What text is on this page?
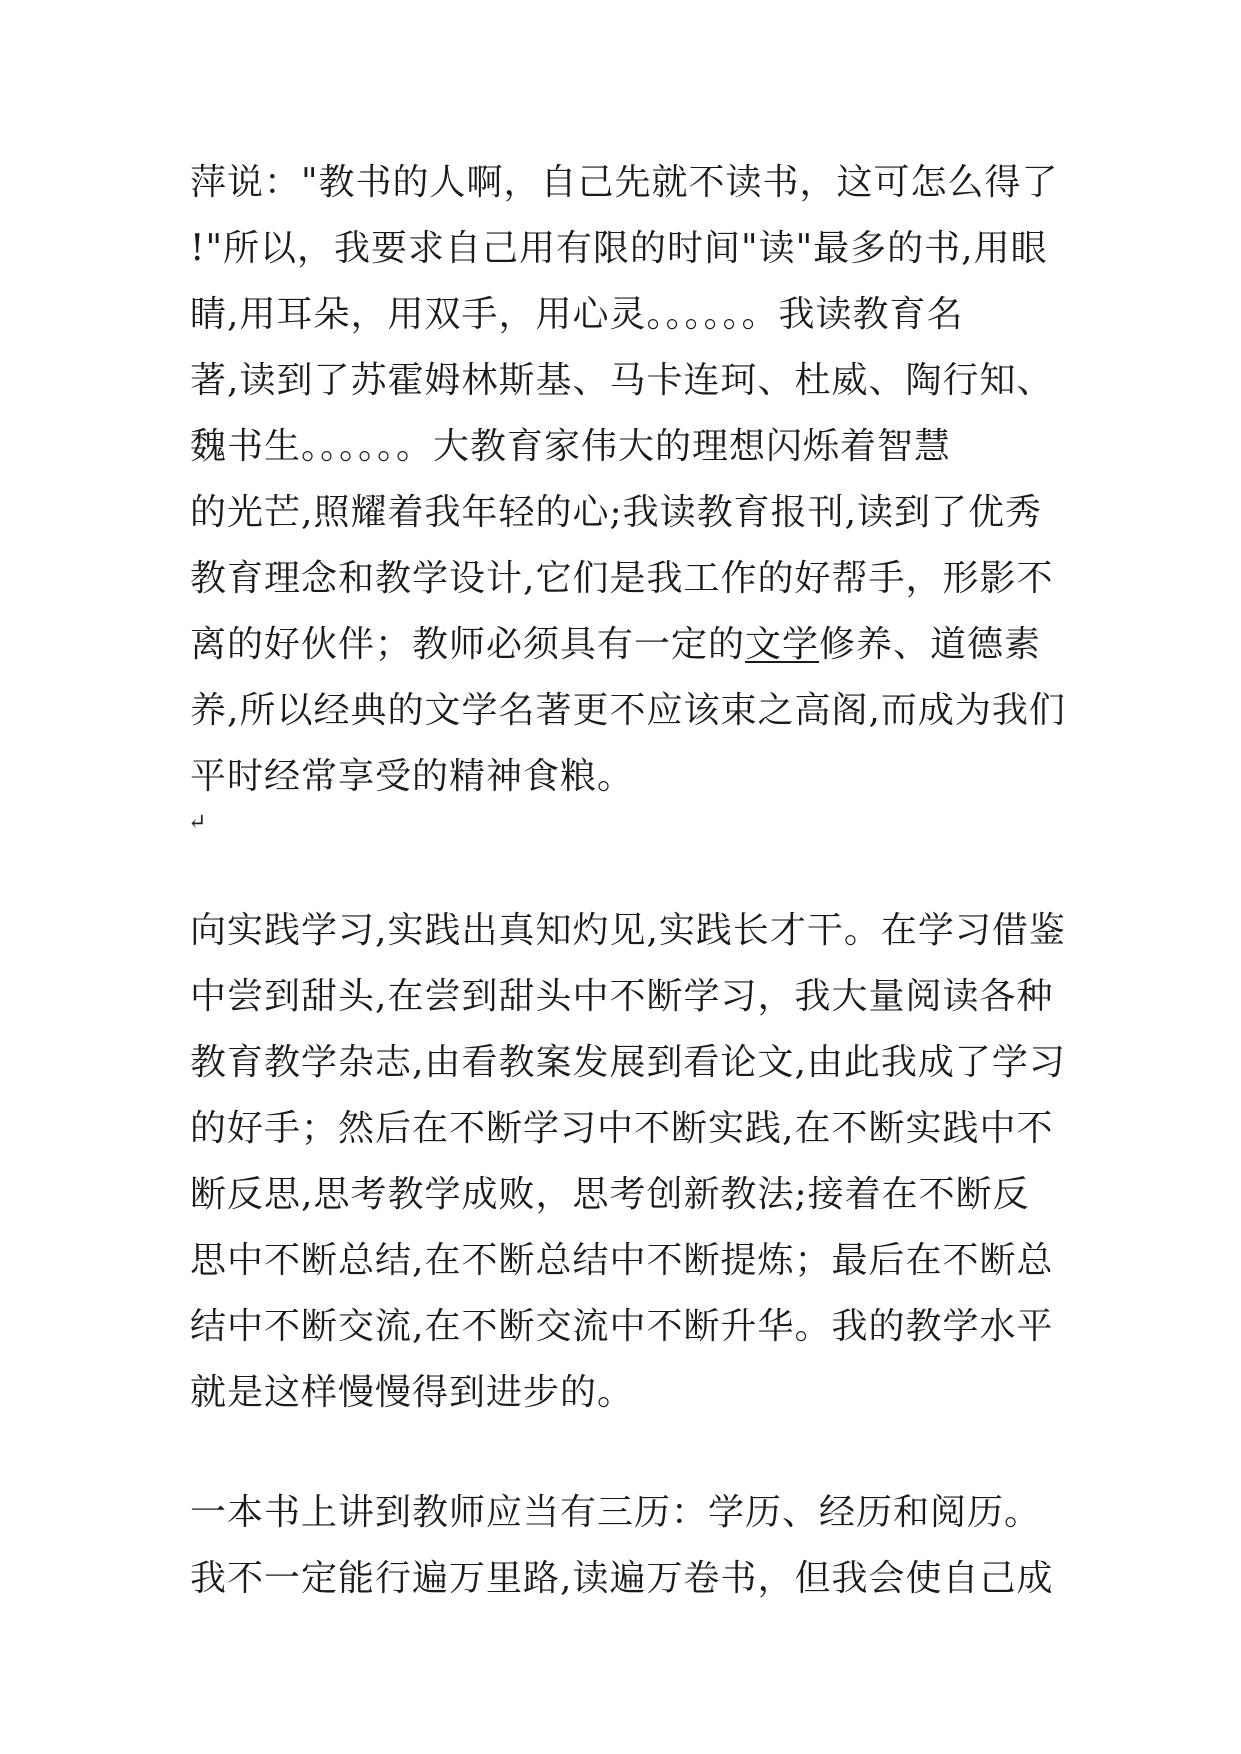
萍说："教书的人啊，自己先就不读书，这可怎么得了
!"所以，我要求自己用有限的时间"读"最多的书,用眼
睛,用耳朵，用双手，用心灵。。。。。。我读教育名
著,读到了苏霍姆林斯基、马卡连珂、杜威、陶行知、
魏书生。。。。。。大教育家伟大的理想闪烁着智慧
的光芒,照耀着我年轻的心;我读教育报刊,读到了优秀
教育理念和教学设计,它们是我工作的好帮手，形影不
离的好伙伴；教师必须具有一定的文学修养、道德素
养,所以经典的文学名著更不应该束之高阁,而成为我们
平时经常享受的精神食粮。
↵
向实践学习,实践出真知灼见,实践长才干。在学习借鉴
中尝到甜头,在尝到甜头中不断学习，我大量阅读各种
教育教学杂志,由看教案发展到看论文,由此我成了学习
的好手；然后在不断学习中不断实践,在不断实践中不
断反思,思考教学成败，思考创新教法;接着在不断反
思中不断总结,在不断总结中不断提炼；最后在不断总
结中不断交流,在不断交流中不断升华。我的教学水平
就是这样慢慢得到进步的。
一本书上讲到教师应当有三历：学历、经历和阅历。
我不一定能行遍万里路,读遍万卷书，但我会使自己成
